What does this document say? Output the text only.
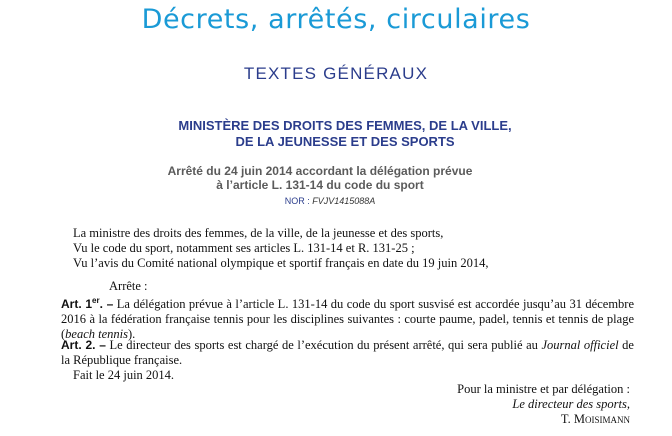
Décrets, arrêtés, circulaires
TEXTES GÉNÉRAUX
MINISTÈRE DES DROITS DES FEMMES, DE LA VILLE,
DE LA JEUNESSE ET DES SPORTS
Arrêté du 24 juin 2014 accordant la délégation prévue
à l’article L. 131-14 du code du sport
NOR : FVJV1415088A
La ministre des droits des femmes, de la ville, de la jeunesse et des sports,
Vu le code du sport, notamment ses articles L. 131-14 et R. 131-25 ;
Vu l’avis du Comité national olympique et sportif français en date du 19 juin 2014,
Arrête :
Art. 1er. – La délégation prévue à l’article L. 131-14 du code du sport susvisé est accordée jusqu’au 31 décembre 2016 à la fédération française tennis pour les disciplines suivantes : courte paume, padel, tennis et tennis de plage (beach tennis).
Art. 2. – Le directeur des sports est chargé de l’exécution du présent arrêté, qui sera publié au Journal officiel de la République française.
Fait le 24 juin 2014.
Pour la ministre et par délégation :
Le directeur des sports,
T. Moisimann
